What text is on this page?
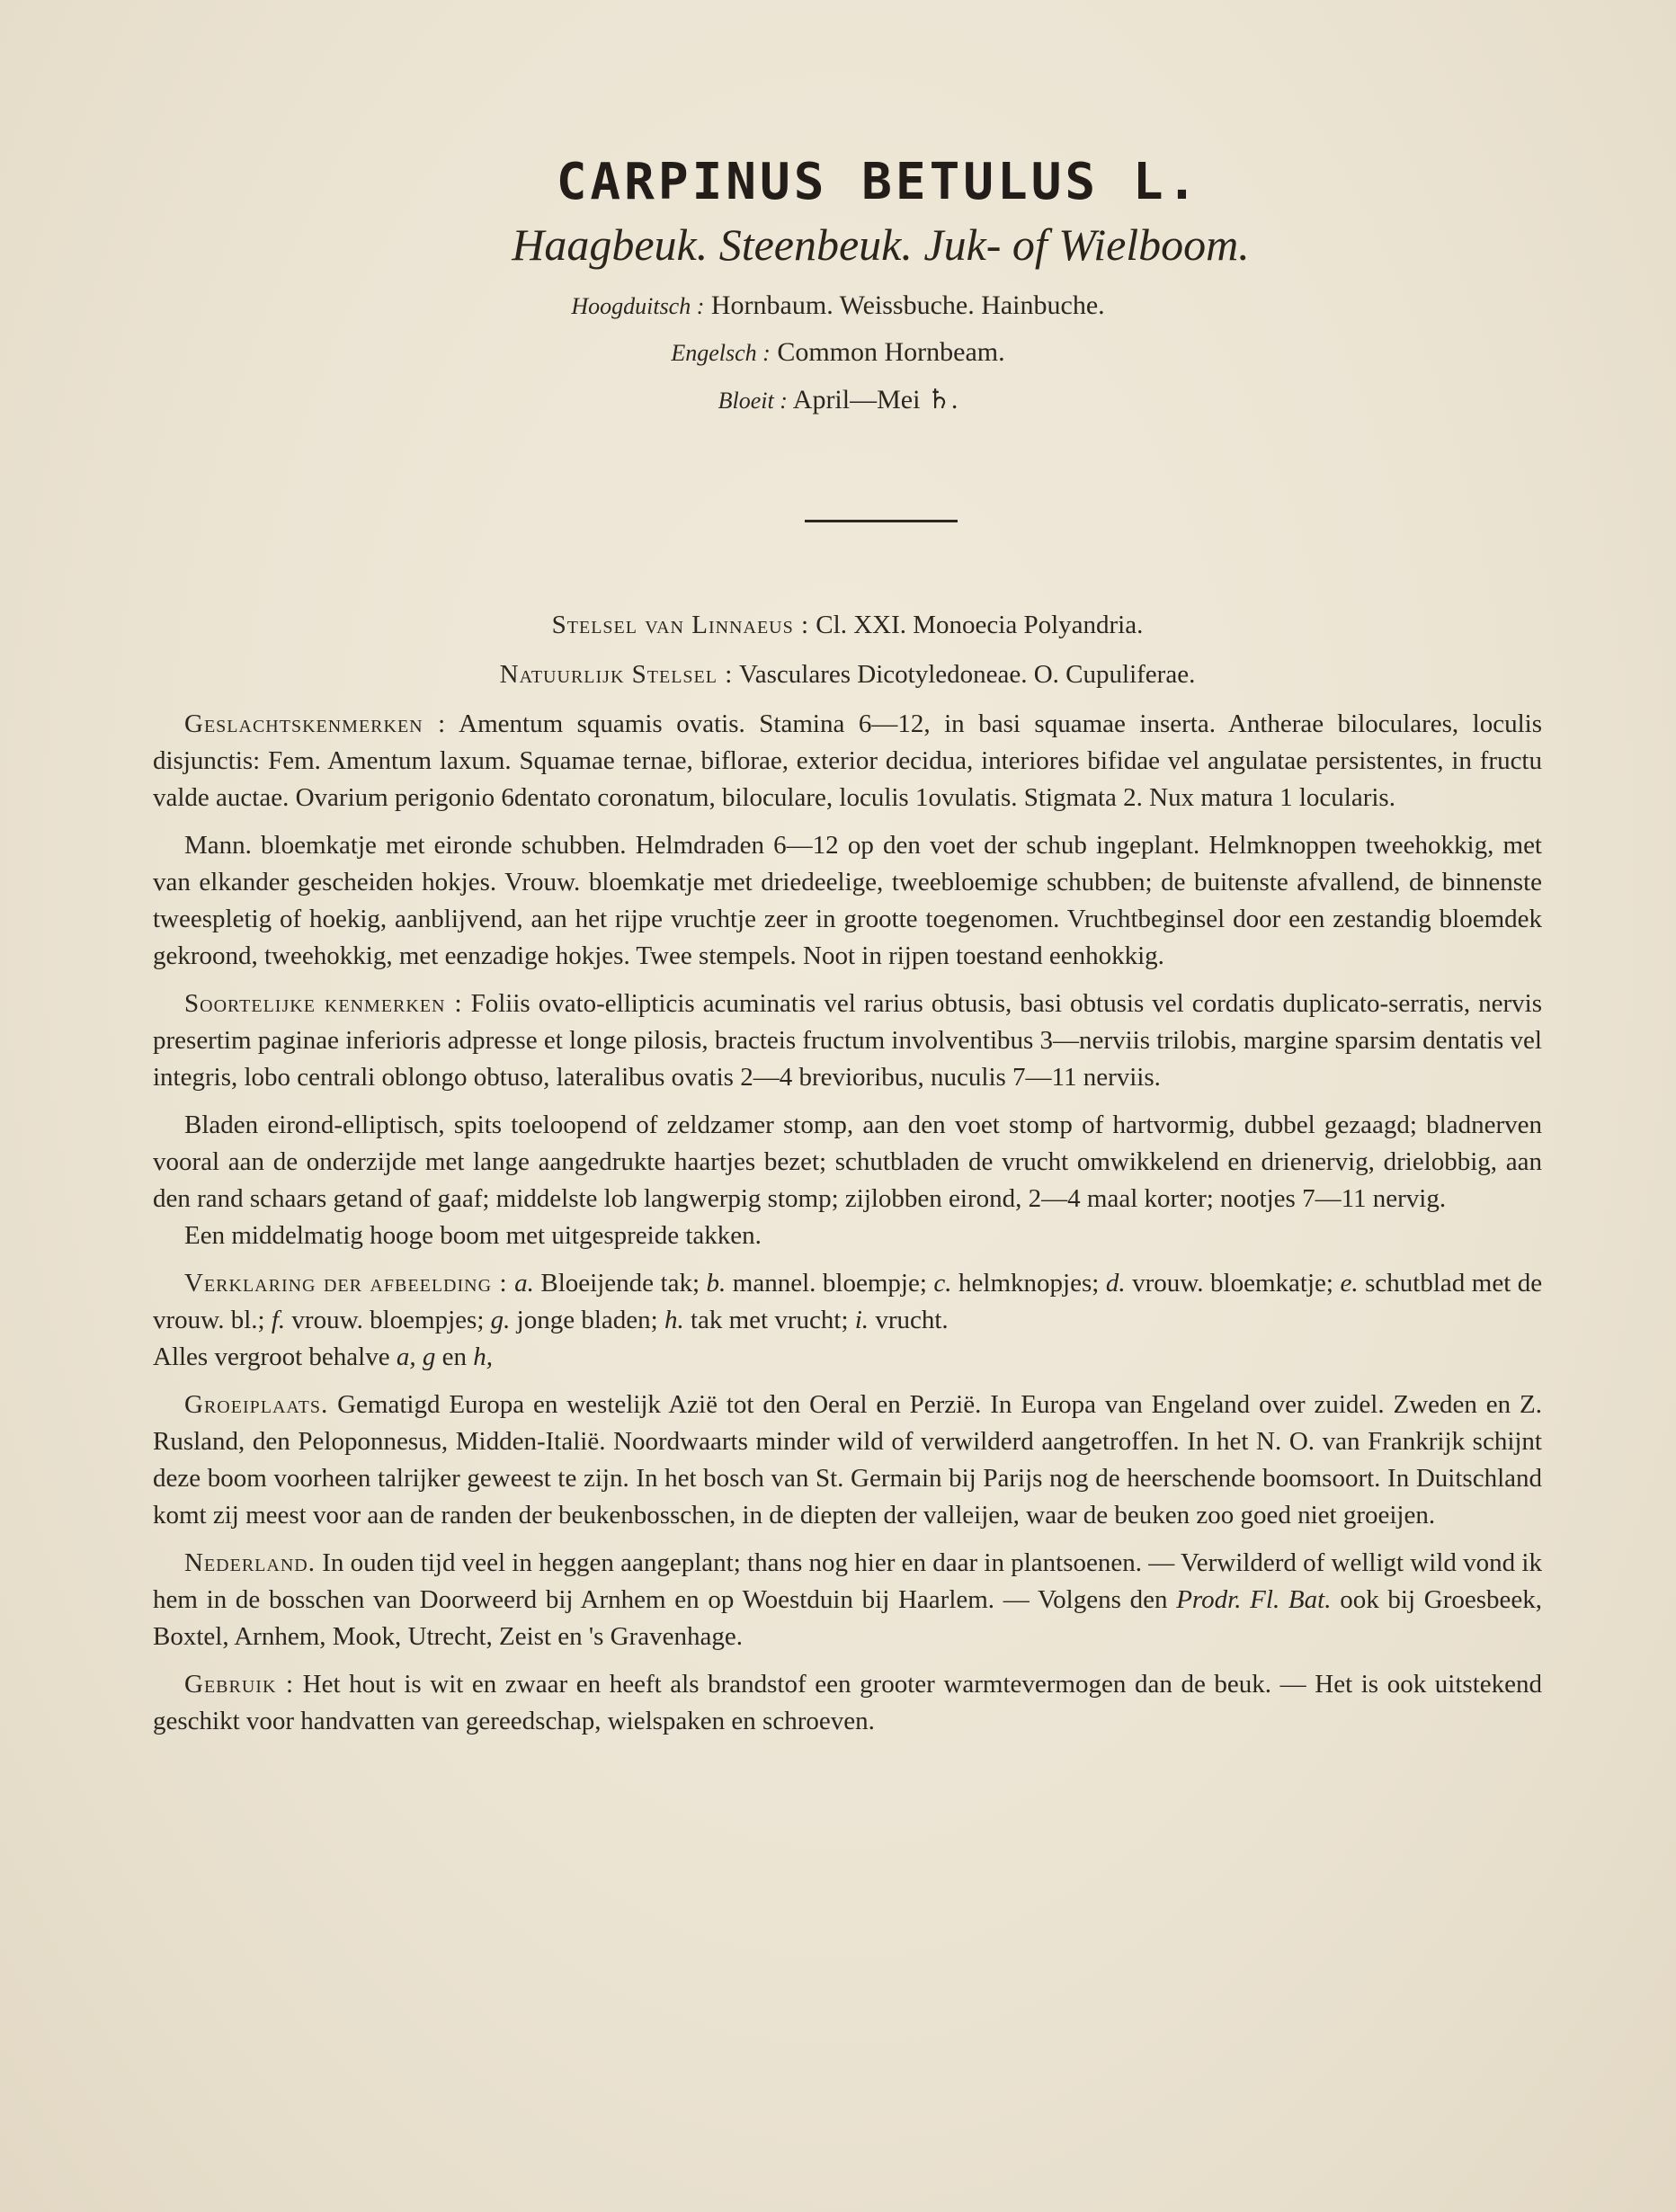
CARPINUS BETULUS L.
Haagbeuk. Steenbeuk. Juk- of Wielboom.
Hoogduitsch : Hornbaum. Weissbuche. Hainbuche.
Engelsch : Common Hornbeam.
Bloeit : April—Mei ♄.

Stelsel van Linnaeus : Cl. XXI. Monoecia Polyandria.

Natuurlijk Stelsel : Vasculares Dicotyledoneae. O. Cupuliferae.

Geslachtskenmerken : Amentum squamis ovatis. Stamina 6—12, in basi squamae inserta. Antherae biloculares, loculis disjunctis: Fem. Amentum laxum. Squamae ternae, biflorae, exterior decidua, interiores bifidae vel angulatae persistentes, in fructu valde auctae. Ovarium perigonio 6dentato coronatum, biloculare, loculis 1ovulatis. Stigmata 2. Nux matura 1 locularis.

Mann. bloemkatje met eironde schubben. Helmdraden 6—12 op den voet der schub ingeplant. Helmknoppen tweehokkig, met van elkander gescheiden hokjes. Vrouw. bloemkatje met driedeelige, tweebloemige schubben; de buitenste afvallend, de binnenste tweespletig of hoekig, aanblijvend, aan het rijpe vruchtje zeer in grootte toegenomen. Vruchtbeginsel door een zestandig bloemdek gekroond, tweehokkig, met eenzadige hokjes. Twee stempels. Noot in rijpen toestand eenhokkig.

Soortelijke kenmerken : Foliis ovato-ellipticis acuminatis vel rarius obtusis, basi obtusis vel cordatis duplicato-serratis, nervis presertim paginae inferioris adpresse et longe pilosis, bracteis fructum involventibus 3—nerviis trilobis, margine sparsim dentatis vel integris, lobo centrali oblongo obtuso, lateralibus ovatis 2—4 brevioribus, nuculis 7—11 nerviis.

Bladen eirond-elliptisch, spits toeloopend of zeldzamer stomp, aan den voet stomp of hartvormig, dubbel gezaagd; bladnerven vooral aan de onderzijde met lange aangedrukte haartjes bezet; schutbladen de vrucht omwikkelend en drienervig, drielobbig, aan den rand schaars getand of gaaf; middelste lob langwerpig stomp; zijlobben eirond, 2—4 maal korter; nootjes 7—11 nervig.

Een middelmatig hooge boom met uitgespreide takken.

Verklaring der afbeelding : a. Bloeijende tak; b. mannel. bloempje; c. helmknopjes; d. vrouw. bloemkatje; e. schutblad met de vrouw. bl.; f. vrouw. bloempjes; g. jonge bladen; h. tak met vrucht; i. vrucht.
Alles vergroot behalve a, g en h,

Groeiplaats. Gematigd Europa en westelijk Azië tot den Oeral en Perzië. In Europa van Engeland over zuidel. Zweden en Z. Rusland, den Peloponnesus, Midden-Italië. Noordwaarts minder wild of verwilderd aangetroffen. In het N. O. van Frankrijk schijnt deze boom voorheen talrijker geweest te zijn. In het bosch van St. Germain bij Parijs nog de heerschende boomsoort. In Duitschland komt zij meest voor aan de randen der beukenbosschen, in de diepten der valleijen, waar de beuken zoo goed niet groeijen.

Nederland. In ouden tijd veel in heggen aangeplant; thans nog hier en daar in plantsoenen. — Verwilderd of welligt wild vond ik hem in de bosschen van Doorweerd bij Arnhem en op Woestduin bij Haarlem. — Volgens den Prodr. Fl. Bat. ook bij Groesbeek, Boxtel, Arnhem, Mook, Utrecht, Zeist en 's Gravenhage.

Gebruik : Het hout is wit en zwaar en heeft als brandstof een grooter warmtevermogen dan de beuk. — Het is ook uitstekend geschikt voor handvatten van gereedschap, wielspaken en schroeven.
